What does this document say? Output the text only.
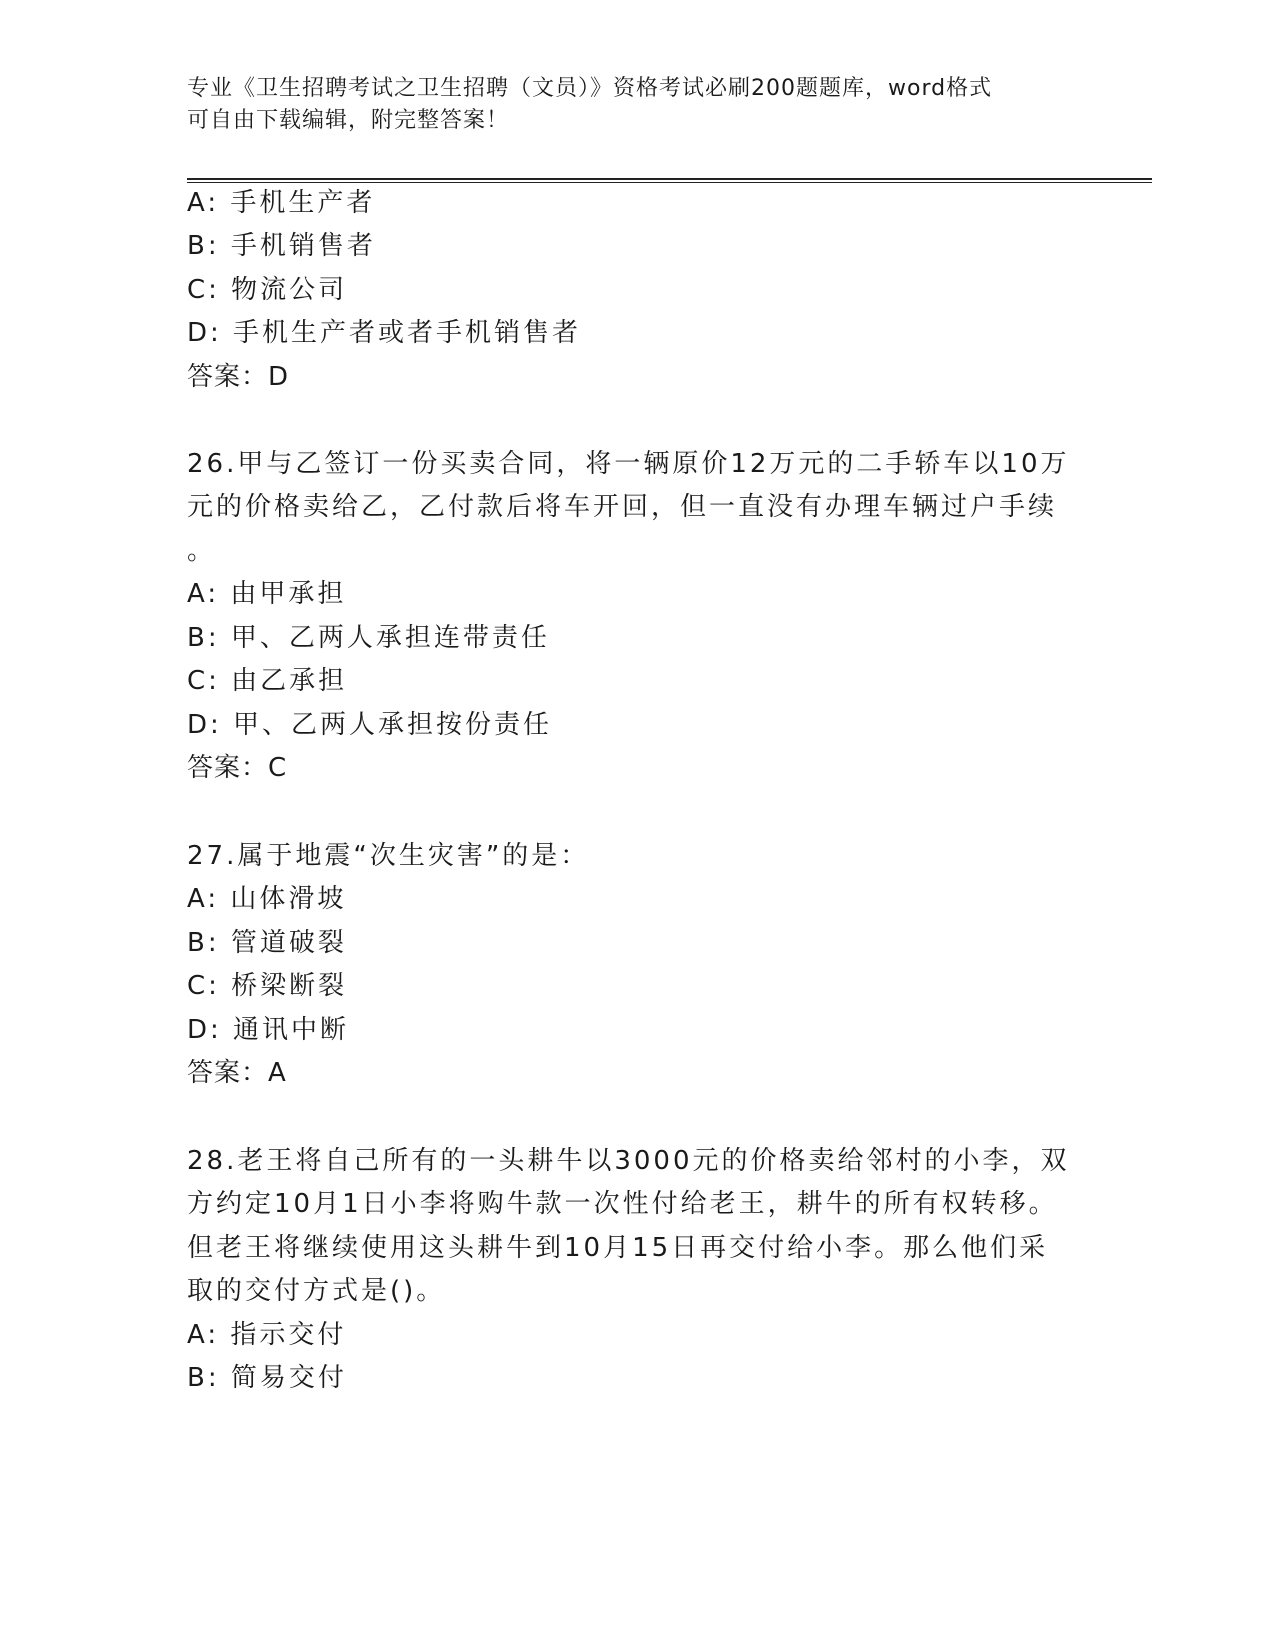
专业《卫生招聘考试之卫生招聘（文员）》资格考试必刷200题题库，word格式
可自由下载编辑，附完整答案！
A: 手机生产者
B: 手机销售者
C: 物流公司
D: 手机生产者或者手机销售者
答案：D
26.甲与乙签订一份买卖合同，将一辆原价12万元的二手轿车以10万
元的价格卖给乙，乙付款后将车开回，但一直没有办理车辆过户手续
。
A: 由甲承担
B: 甲、乙两人承担连带责任
C: 由乙承担
D: 甲、乙两人承担按份责任
答案：C
27.属于地震“次生灾害”的是：
A: 山体滑坡
B: 管道破裂
C: 桥梁断裂
D: 通讯中断
答案：A
28.老王将自己所有的一头耕牛以3000元的价格卖给邻村的小李，双
方约定10月1日小李将购牛款一次性付给老王，耕牛的所有权转移。
但老王将继续使用这头耕牛到10月15日再交付给小李。那么他们采
取的交付方式是()。
A: 指示交付
B: 简易交付
